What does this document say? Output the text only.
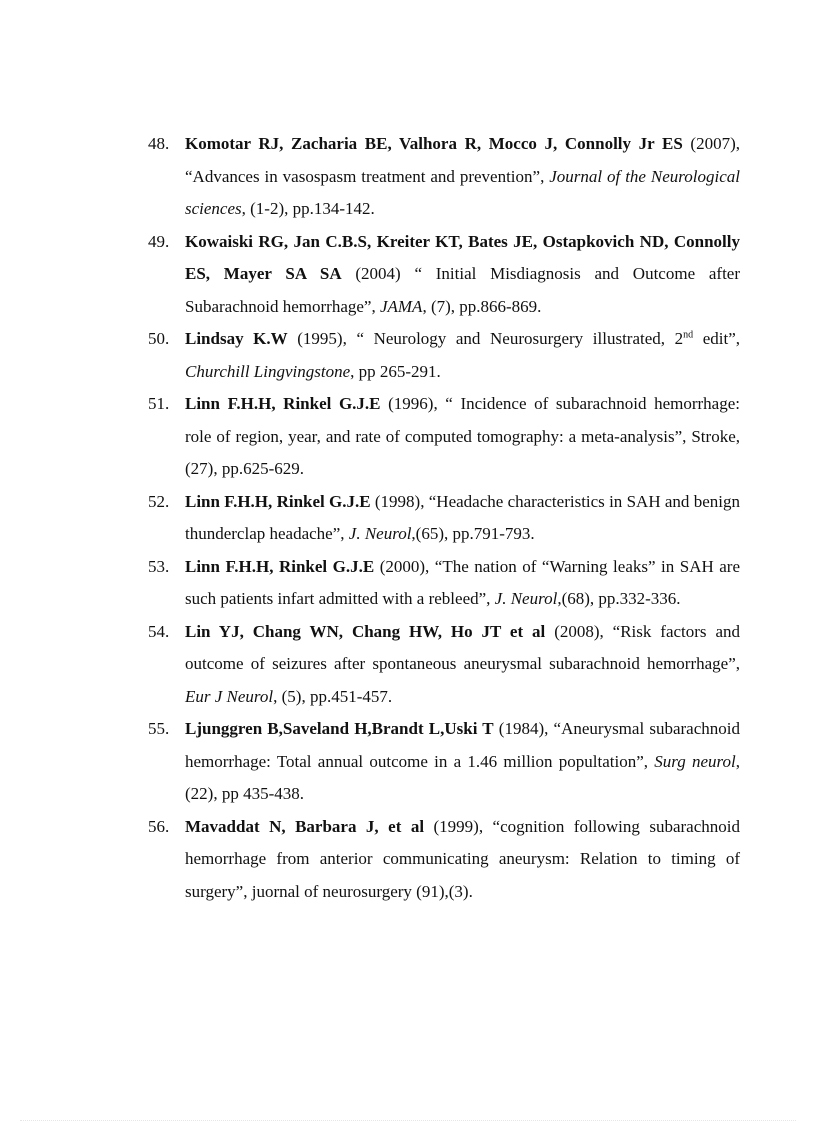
48. Komotar RJ, Zacharia BE, Valhora R, Mocco J, Connolly Jr ES (2007), “Advances in vasospasm treatment and prevention”, Journal of the Neurological sciences, (1-2), pp.134-142.
49. Kowaiski RG, Jan C.B.S, Kreiter KT, Bates JE, Ostapkovich ND, Connolly ES, Mayer SA SA (2004) “ Initial Misdiagnosis and Outcome after Subarachnoid hemorrhage”, JAMA, (7), pp.866-869.
50. Lindsay K.W (1995), “ Neurology and Neurosurgery illustrated, 2nd edit”, Churchill Lingvingstone, pp 265-291.
51. Linn F.H.H, Rinkel G.J.E (1996), “ Incidence of subarachnoid hemorrhage: role of region, year, and rate of computed tomography: a meta-analysis”, Stroke, (27), pp.625-629.
52. Linn F.H.H, Rinkel G.J.E (1998), “Headache characteristics in SAH and benign thunderclap headache”, J. Neurol,(65), pp.791-793.
53. Linn F.H.H, Rinkel G.J.E (2000), “The nation of “Warning leaks” in SAH are such patients infart admitted with a rebleed”, J. Neurol,(68), pp.332-336.
54. Lin YJ, Chang WN, Chang HW, Ho JT et al (2008), “Risk factors and outcome of seizures after spontaneous aneurysmal subarachnoid hemorrhage”, Eur J Neurol, (5), pp.451-457.
55. Ljunggren B,Saveland H,Brandt L,Uski T (1984), “Aneurysmal subarachnoid hemorrhage: Total annual outcome in a 1.46 million popultation”, Surg neurol, (22), pp 435-438.
56. Mavaddat N, Barbara J, et al (1999), “cognition following subarachnoid hemorrhage from anterior communicating aneurysm: Relation to timing of surgery”, juornal of neurosurgery (91),(3).
